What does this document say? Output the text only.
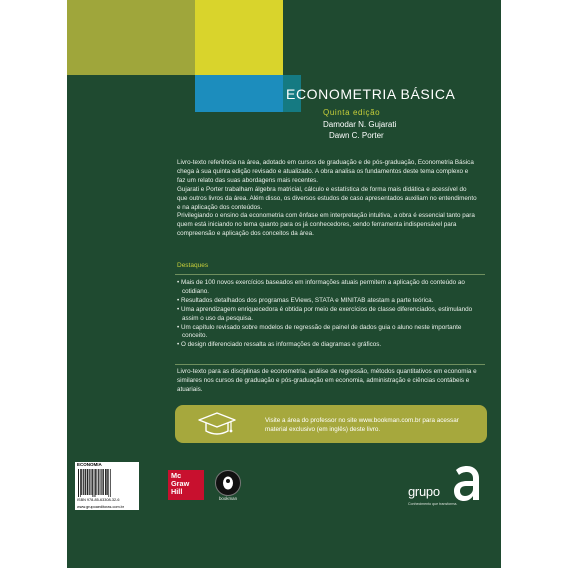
ECONOMETRIA BÁSICA
Quinta edição
Damodar N. Gujarati
Dawn C. Porter
Livro-texto referência na área, adotado em cursos de graduação e de pós-graduação, Econometria Básica chega à sua quinta edição revisado e atualizado. A obra analisa os fundamentos deste tema complexo e faz um relato das suas abordagens mais recentes.
Gujarati e Porter trabalham álgebra matricial, cálculo e estatística de forma mais didática e acessível do que outros livros da área. Além disso, os diversos estudos de caso apresentados auxiliam no entendimento e na aplicação dos conteúdos.
Privilegiando o ensino da econometria com ênfase em interpretação intuitiva, a obra é essencial tanto para quem está iniciando no tema quanto para os já conhecedores, sendo ferramenta indispensável para compreensão e aplicação dos conceitos da área.
Destaques
• Mais de 100 novos exercícios baseados em informações atuais permitem a aplicação do conteúdo ao cotidiano.
• Resultados detalhados dos programas EViews, STATA e MINITAB atestam a parte teórica.
• Uma aprendizagem enriquecedora é obtida por meio de exercícios de classe diferenciados, estimulando assim o uso da pesquisa.
• Um capítulo revisado sobre modelos de regressão de painel de dados guia o aluno neste importante conceito.
• O design diferenciado ressalta as informações de diagramas e gráficos.
Livro-texto para as disciplinas de econometria, análise de regressão, métodos quantitativos em economia e similares nos cursos de graduação e pós-graduação em economia, administração e ciências contábeis e atuariais.
Visite a área do professor no site www.bookman.com.br para acessar material exclusivo (em inglês) deste livro.
ECONOMIA
ISBN 978-85-63308-32-6
www.grupoaeditoras.com.br
Mc
Graw
Hill
bookman	grupo
Conhecimento que transforma.
